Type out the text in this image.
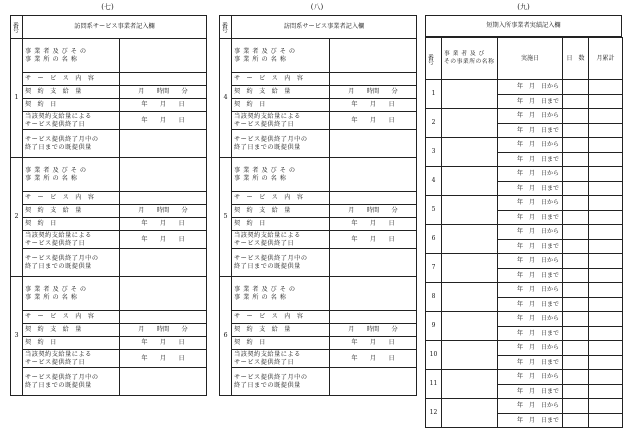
(七)
番号	訪問系サービス事業者記入欄	
1	事 業 者 及 び そ の
事 業 所 の 名 称	
	サ ー ビ ス 内 容	
	契 約 支 給 量	月　　時間　　分
	契 約 日	年　　月　　日
	当該契約支給量による
サービス提供終了日	年　　月　　日
	サービス提供終了月中の
終了日までの既提供量	
2	事 業 者 及 び そ の
事 業 所 の 名 称	
	サ ー ビ ス 内 容	
	契 約 支 給 量	月　　時間　　分
	契 約 日	年　　月　　日
	当該契約支給量による
サービス提供終了日	年　　月　　日
	サービス提供終了月中の
終了日までの既提供量	
3	事 業 者 及 び そ の
事 業 所 の 名 称	
	サ ー ビ ス 内 容	
	契 約 支 給 量	月　　時間　　分
	契 約 日	年　　月　　日
	当該契約支給量による
サービス提供終了日	年　　月　　日
	サービス提供終了月中の
終了日までの既提供量	
(八)
番号	訪問系サービス事業者記入欄	
4	事 業 者 及 び そ の
事 業 所 の 名 称	
	サ ー ビ ス 内 容	
	契 約 支 給 量	月　　時間　　分
	契 約 日	年　　月　　日
	当該契約支給量による
サービス提供終了日	年　　月　　日
	サービス提供終了月中の
終了日までの既提供量	
5	事 業 者 及 び そ の
事 業 所 の 名 称	
	サ ー ビ ス 内 容	
	契 約 支 給 量	月　　時間　　分
	契 約 日	年　　月　　日
	当該契約支給量による
サービス提供終了日	年　　月　　日
	サービス提供終了月中の
終了日までの既提供量	
6	事 業 者 及 び そ の
事 業 所 の 名 称	
	サ ー ビ ス 内 容	
	契 約 支 給 量	月　　時間　　分
	契 約 日	年　　月　　日
	当該契約支給量による
サービス提供終了日	年　　月　　日
	サービス提供終了月中の
終了日までの既提供量	
(九)
短期入所事業者実績記入欄
番号	事 業 者 及 び
その事業所の名称	実施日	日　数	月累計
1		年　月　日から		
		年　月　日まで		
2		年　月　日から		
		年　月　日まで		
3		年　月　日から		
		年　月　日まで		
4		年　月　日から		
		年　月　日まで		
5		年　月　日から		
		年　月　日まで		
6		年　月　日から		
		年　月　日まで		
7		年　月　日から		
		年　月　日まで		
8		年　月　日から		
		年　月　日まで		
9		年　月　日から		
		年　月　日まで		
10		年　月　日から		
		年　月　日まで		
11		年　月　日から		
		年　月　日まで		
12		年　月　日から		
		年　月　日まで		
